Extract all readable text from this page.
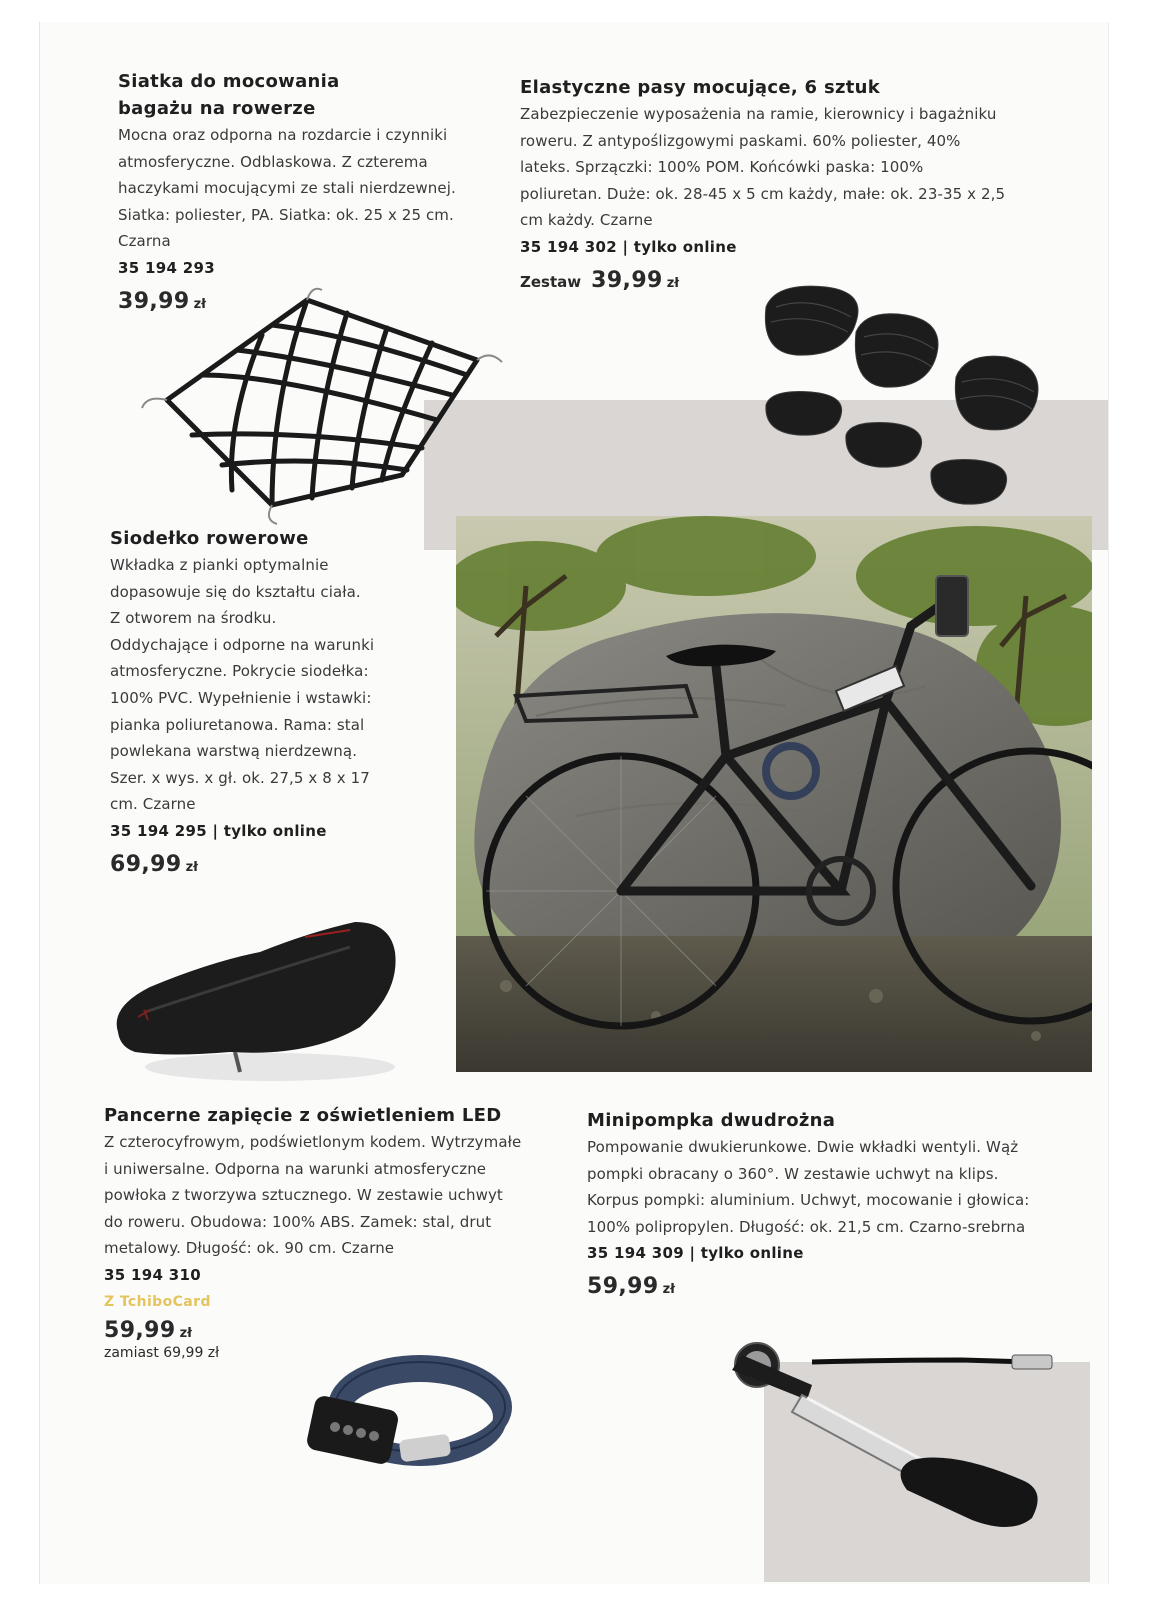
Siatka do mocowania bagażu na rowerze
Mocna oraz odporna na rozdarcie i czynniki atmosferyczne. Odblaskowa. Z czterema haczykami mocującymi ze stali nierdzewnej. Siatka: poliester, PA. Siatka: ok. 25 x 25 cm. Czarna
35 194 293
39,99 zł
Elastyczne pasy mocujące, 6 sztuk
Zabezpieczenie wyposażenia na ramie, kierownicy i bagażniku roweru. Z antypoślizgowymi paskami. 60% poliester, 40% lateks. Sprzączki: 100% POM. Końcówki paska: 100% poliuretan. Duże: ok. 28-45 x 5 cm każdy, małe: ok. 23-35 x 2,5 cm każdy. Czarne
35 194 302 | tylko online
Zestaw 39,99 zł
Siodełko rowerowe
Wkładka z pianki optymalnie dopasowuje się do kształtu ciała. Z otworem na środku. Oddychające i odporne na warunki atmosferyczne. Pokrycie siodełka: 100% PVC. Wypełnienie i wstawki: pianka poliuretanowa. Rama: stal powlekana warstwą nierdzewną. Szer. x wys. x gł. ok. 27,5 x 8 x 17 cm. Czarne
35 194 295 | tylko online
69,99 zł
Pancerne zapięcie z oświetleniem LED
Z czterocyfrowym, podświetlonym kodem. Wytrzymałe i uniwersalne. Odporna na warunki atmosferyczne powłoka z tworzywa sztucznego. W zestawie uchwyt do roweru. Obudowa: 100% ABS. Zamek: stal, drut metalowy. Długość: ok. 90 cm. Czarne
35 194 310
Z TchiboCard
59,99 zł
zamiast 69,99 zł
Minipompka dwudrożna
Pompowanie dwukierunkowe. Dwie wkładki wentyli. Wąż pompki obracany o 360°. W zestawie uchwyt na klips. Korpus pompki: aluminium. Uchwyt, mocowanie i głowica: 100% polipropylen. Długość: ok. 21,5 cm. Czarno-srebrna
35 194 309 | tylko online
59,99 zł
